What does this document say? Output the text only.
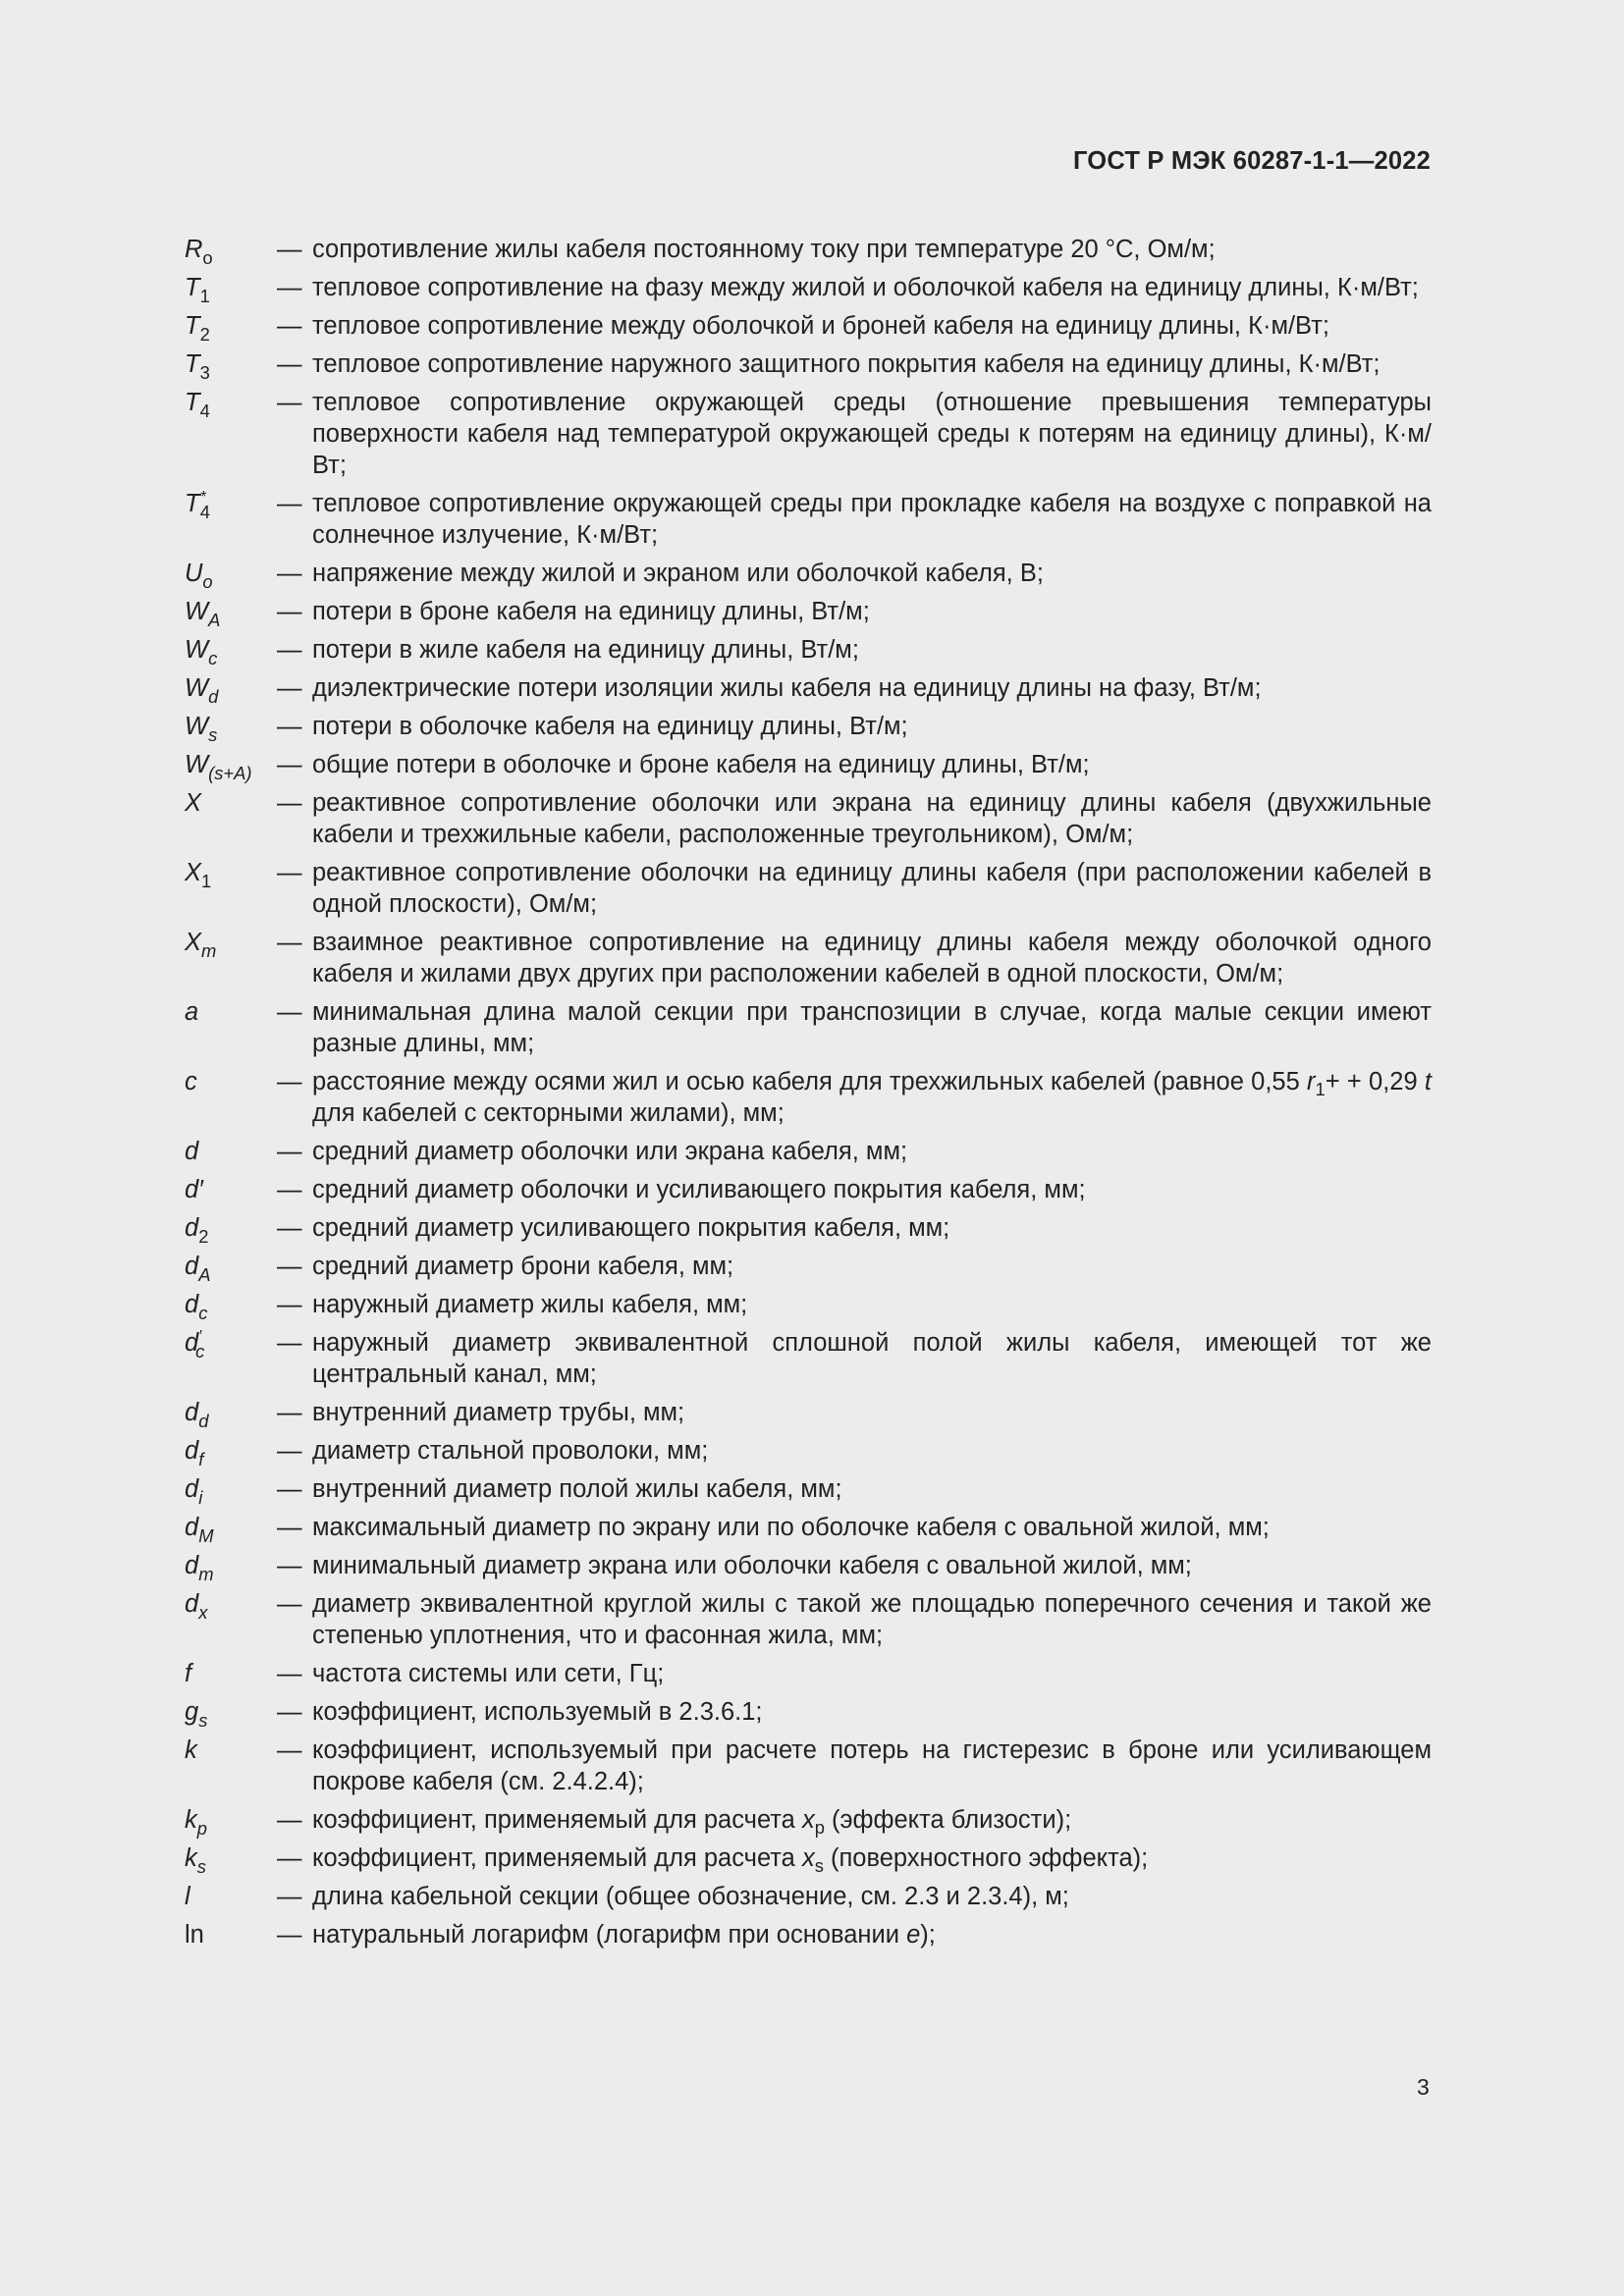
ГОСТ Р МЭК 60287-1-1—2022
$R_o$	— сопротивление жилы кабеля постоянному току при температуре 20 °С, Ом/м;
$T_1$	— тепловое сопротивление на фазу между жилой и оболочкой кабеля на единицу длины, К·м/Вт;
$T_2$	— тепловое сопротивление между оболочкой и броней кабеля на единицу длины, К·м/Вт;
$T_3$	— тепловое сопротивление наружного защитного покрытия кабеля на единицу длины, К·м/Вт;
$T_4$	— тепловое сопротивление окружающей среды (отношение превышения температуры поверхности кабеля над температурой окружающей среды к потерям на единицу длины), К·м/Вт;
$T^*_4$	— тепловое сопротивление окружающей среды при прокладке кабеля на воздухе с поправкой на солнечное излучение, К·м/Вт;
$U_o$	— напряжение между жилой и экраном или оболочкой кабеля, В;
$W_A$	— потери в броне кабеля на единицу длины, Вт/м;
$W_c$	— потери в жиле кабеля на единицу длины, Вт/м;
$W_d$	— диэлектрические потери изоляции жилы кабеля на единицу длины на фазу, Вт/м;
$W_s$	— потери в оболочке кабеля на единицу длины, Вт/м;
$W_{(s+A)}$	— общие потери в оболочке и броне кабеля на единицу длины, Вт/м;
X	— реактивное сопротивление оболочки или экрана на единицу длины кабеля (двухжильные кабели и трехжильные кабели, расположенные треугольником), Ом/м;
$X_1$	— реактивное сопротивление оболочки на единицу длины кабеля (при расположении кабелей в одной плоскости), Ом/м;
$X_m$	— взаимное реактивное сопротивление на единицу длины кабеля между оболочкой одного кабеля и жилами двух других при расположении кабелей в одной плоскости, Ом/м;
a	— минимальная длина малой секции при транспозиции в случае, когда малые секции имеют разные длины, мм;
c	— расстояние между осями жил и осью кабеля для трехжильных кабелей (равное 0,55 $r_1+ + 0,29$ t для кабелей с секторными жилами), мм;
d	— средний диаметр оболочки или экрана кабеля, мм;
d′	— средний диаметр оболочки и усиливающего покрытия кабеля, мм;
$d_2$	— средний диаметр усиливающего покрытия кабеля, мм;
$d_A$	— средний диаметр брони кабеля, мм;
$d_c$	— наружный диаметр жилы кабеля, мм;
$d'_c$	— наружный диаметр эквивалентной сплошной полой жилы кабеля, имеющей тот же центральный канал, мм;
$d_d$	— внутренний диаметр трубы, мм;
$d_f$	— диаметр стальной проволоки, мм;
$d_i$	— внутренний диаметр полой жилы кабеля, мм;
$d_M$	— максимальный диаметр по экрану или по оболочке кабеля с овальной жилой, мм;
$d_m$	— минимальный диаметр экрана или оболочки кабеля с овальной жилой, мм;
$d_x$	— диаметр эквивалентной круглой жилы с такой же площадью поперечного сечения и такой же степенью уплотнения, что и фасонная жила, мм;
f	— частота системы или сети, Гц;
$g_s$	— коэффициент, используемый в 2.3.6.1;
k	— коэффициент, используемый при расчете потерь на гистерезис в броне или усиливающем покрове кабеля (см. 2.4.2.4);
$k_p$	— коэффициент, применяемый для расчета $x_p$ (эффекта близости);
$k_s$	— коэффициент, применяемый для расчета $x_s$ (поверхностного эффекта);
l	— длина кабельной секции (общее обозначение, см. 2.3 и 2.3.4), м;
ln	— натуральный логарифм (логарифм при основании e);
3
